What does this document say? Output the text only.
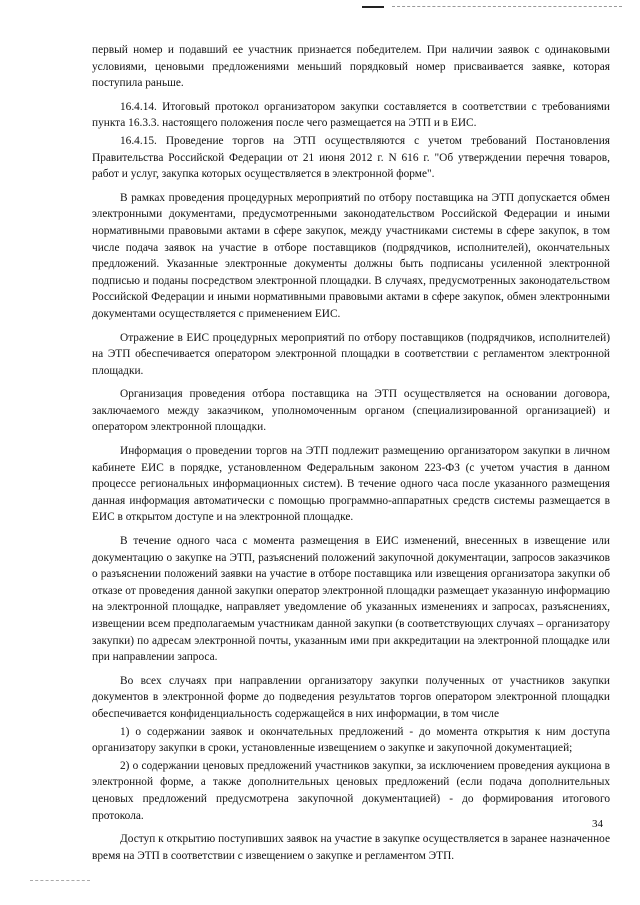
первый номер и подавший ее участник признается победителем. При наличии заявок с одинаковыми условиями, ценовыми предложениями меньший порядковый номер присваивается заявке, которая поступила раньше.

16.4.14. Итоговый протокол организатором закупки составляется в соответствии с требованиями пункта 16.3.3. настоящего положения после чего размещается на ЭТП и в ЕИС.

16.4.15. Проведение торгов на ЭТП осуществляются с учетом требований Постановления Правительства Российской Федерации от 21 июня 2012 г. N 616 г. "Об утверждении перечня товаров, работ и услуг, закупка которых осуществляется в электронной форме".

В рамках проведения процедурных мероприятий по отбору поставщика на ЭТП допускается обмен электронными документами, предусмотренными законодательством Российской Федерации и иными нормативными правовыми актами в сфере закупок, между участниками системы в сфере закупок, в том числе подача заявок на участие в отборе поставщиков (подрядчиков, исполнителей), окончательных предложений. Указанные электронные документы должны быть подписаны усиленной электронной подписью и поданы посредством электронной площадки. В случаях, предусмотренных законодательством Российской Федерации и иными нормативными правовыми актами в сфере закупок, обмен электронными документами осуществляется с применением ЕИС.

Отражение в ЕИС процедурных мероприятий по отбору поставщиков (подрядчиков, исполнителей) на ЭТП обеспечивается оператором электронной площадки в соответствии с регламентом электронной площадки.

Организация проведения отбора поставщика на ЭТП осуществляется на основании договора, заключаемого между заказчиком, уполномоченным органом (специализированной организацией) и оператором электронной площадки.

Информация о проведении торгов на ЭТП подлежит размещению организатором закупки в личном кабинете ЕИС в порядке, установленном Федеральным законом 223-ФЗ (с учетом участия в данном процессе региональных информационных систем). В течение одного часа после указанного размещения данная информация автоматически с помощью программно-аппаратных средств системы размещается в ЕИС в открытом доступе и на электронной площадке.

В течение одного часа с момента размещения в ЕИС изменений, внесенных в извещение или документацию о закупке на ЭТП, разъяснений положений закупочной документации, запросов заказчиков о разъяснении положений заявки на участие в отборе поставщика или извещения организатора закупки об отказе от проведения данной закупки оператор электронной площадки размещает указанную информацию на электронной площадке, направляет уведомление об указанных изменениях и запросах, разъяснениях, извещении всем предполагаемым участникам данной закупки (в соответствующих случаях – организатору закупки) по адресам электронной почты, указанным ими при аккредитации на электронной площадке или при направлении запроса.

Во всех случаях при направлении организатору закупки полученных от участников закупки документов в электронной форме до подведения результатов торгов оператором электронной площадки обеспечивается конфиденциальность содержащейся в них информации, в том числе

1) о содержании заявок и окончательных предложений - до момента открытия к ним доступа организатору закупки в сроки, установленные извещением о закупке и закупочной документацией;

2) о содержании ценовых предложений участников закупки, за исключением проведения аукциона в электронной форме, а также дополнительных ценовых предложений (если подача дополнительных ценовых предложений предусмотрена закупочной документацией) - до формирования итогового протокола.

Доступ к открытию поступивших заявок на участие в закупке осуществляется в заранее назначенное время на ЭТП в соответствии с извещением о закупке и регламентом ЭТП.

34
